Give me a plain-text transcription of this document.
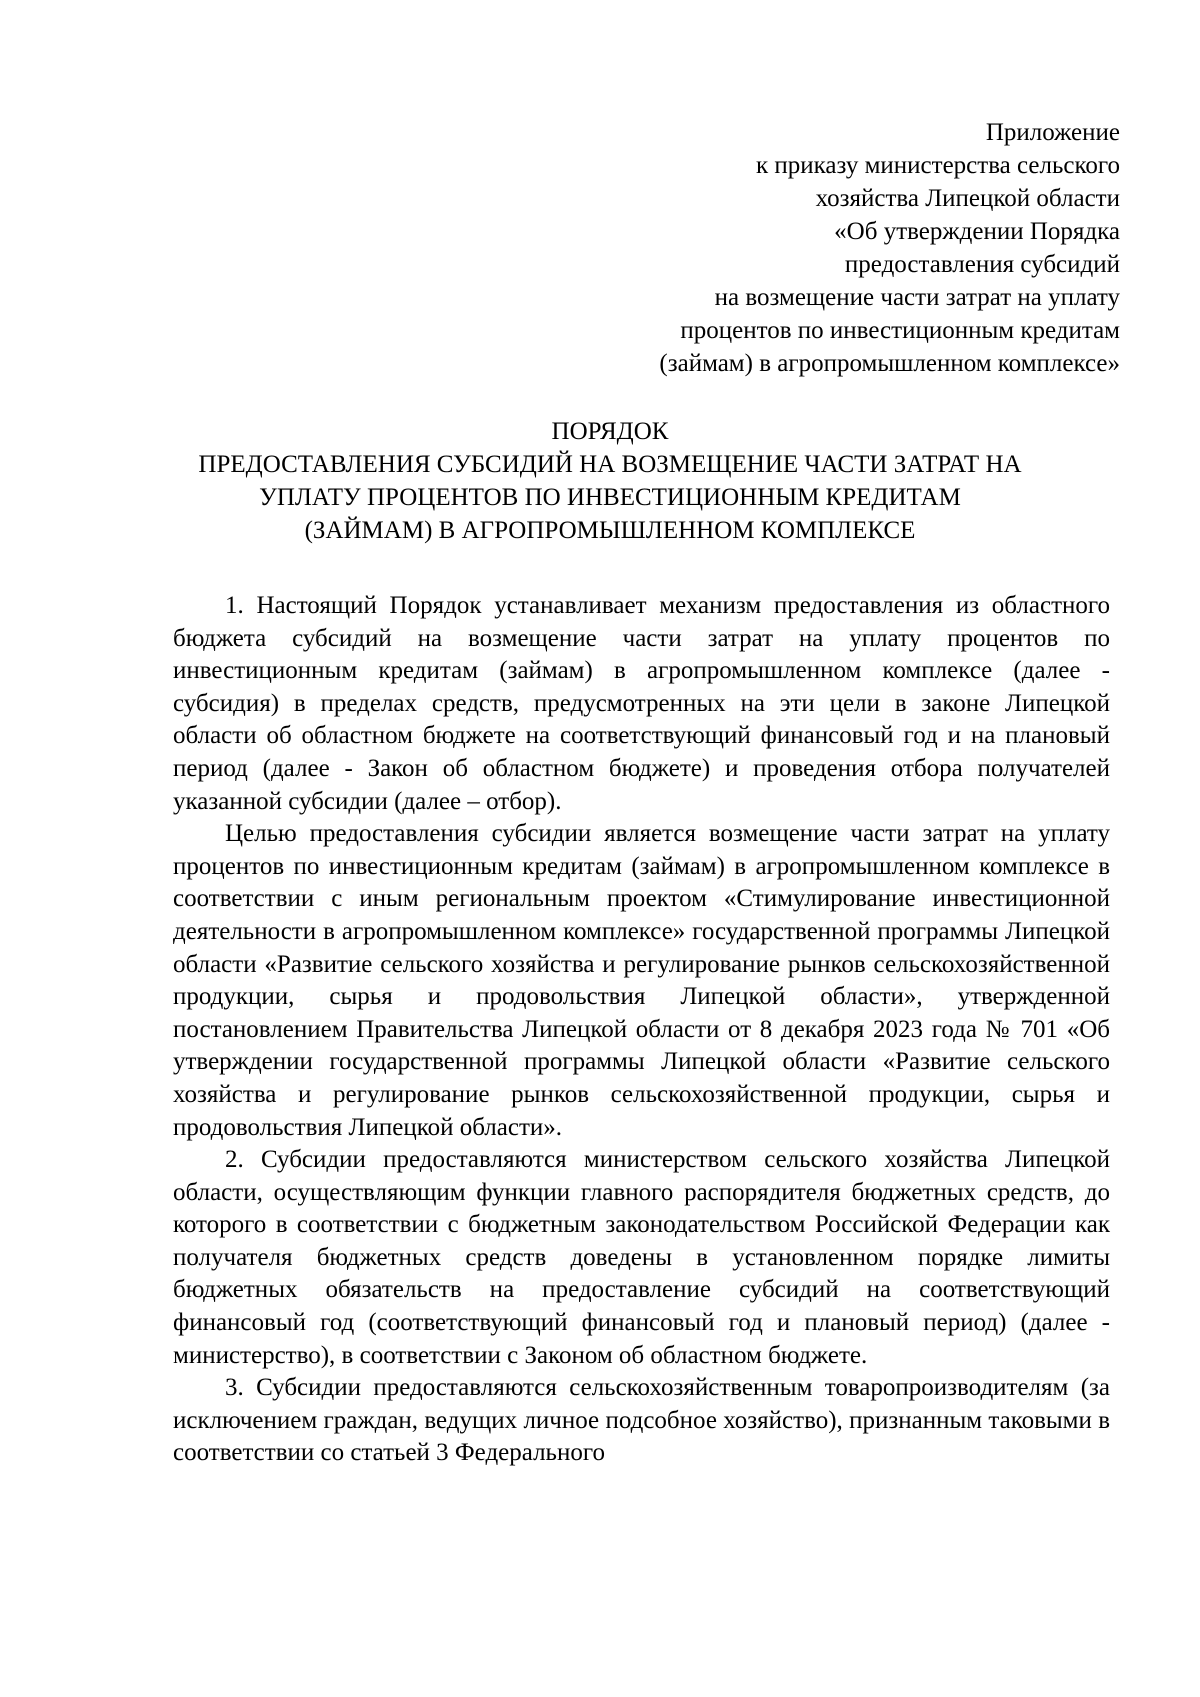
Приложение
к приказу министерства сельского
хозяйства Липецкой области
«Об утверждении Порядка
предоставления субсидий
на возмещение части затрат на уплату
процентов по инвестиционным кредитам
(займам) в агропромышленном комплексе»
ПОРЯДОК
ПРЕДОСТАВЛЕНИЯ СУБСИДИЙ НА ВОЗМЕЩЕНИЕ ЧАСТИ ЗАТРАТ НА
УПЛАТУ ПРОЦЕНТОВ ПО ИНВЕСТИЦИОННЫМ КРЕДИТАМ
(ЗАЙМАМ) В АГРОПРОМЫШЛЕННОМ КОМПЛЕКСЕ

1. Настоящий Порядок устанавливает механизм предоставления из областного бюджета субсидий на возмещение части затрат на уплату процентов по инвестиционным кредитам (займам) в агропромышленном комплексе (далее - субсидия) в пределах средств, предусмотренных на эти цели в законе Липецкой области об областном бюджете на соответствующий финансовый год и на плановый период (далее - Закон об областном бюджете) и проведения отбора получателей указанной субсидии (далее – отбор).

Целью предоставления субсидии является возмещение части затрат на уплату процентов по инвестиционным кредитам (займам) в агропромышленном комплексе в соответствии с иным региональным проектом «Стимулирование инвестиционной деятельности в агропромышленном комплексе» государственной программы Липецкой области «Развитие сельского хозяйства и регулирование рынков сельскохозяйственной продукции, сырья и продовольствия Липецкой области», утвержденной постановлением Правительства Липецкой области от 8 декабря 2023 года № 701 «Об утверждении государственной программы Липецкой области «Развитие сельского хозяйства и регулирование рынков сельскохозяйственной продукции, сырья и продовольствия Липецкой области».

2. Субсидии предоставляются министерством сельского хозяйства Липецкой области, осуществляющим функции главного распорядителя бюджетных средств, до которого в соответствии с бюджетным законодательством Российской Федерации как получателя бюджетных средств доведены в установленном порядке лимиты бюджетных обязательств на предоставление субсидий на соответствующий финансовый год (соответствующий финансовый год и плановый период) (далее - министерство), в соответствии с Законом об областном бюджете.

3. Субсидии предоставляются сельскохозяйственным товаропроизводителям (за исключением граждан, ведущих личное подсобное хозяйство), признанным таковыми в соответствии со статьей 3 Федерального
